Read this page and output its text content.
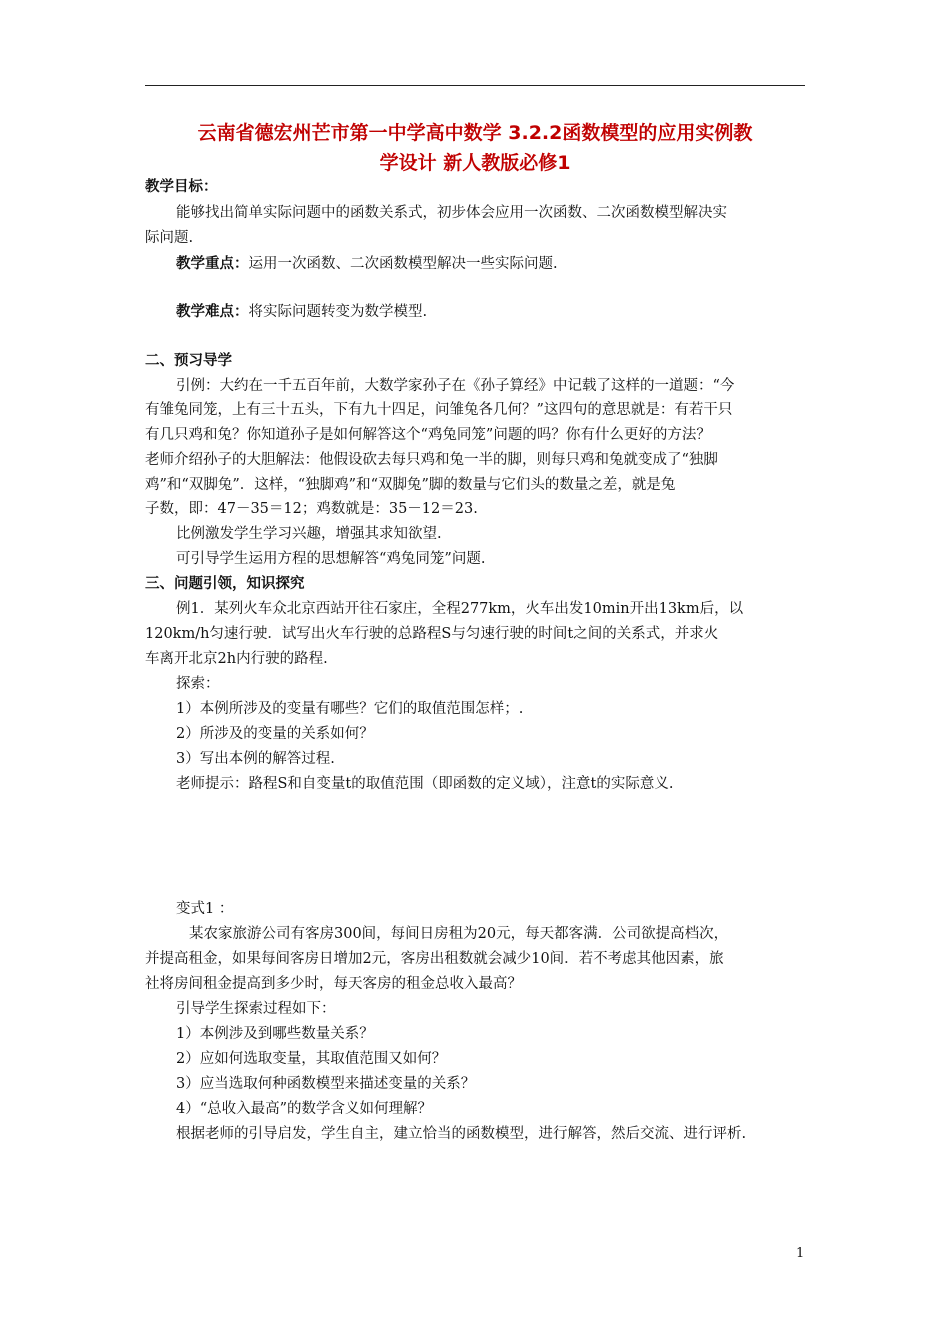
云南省德宏州芒市第一中学高中数学 3.2.2函数模型的应用实例教
学设计 新人教版必修1
教学目标：
能够找出简单实际问题中的函数关系式，初步体会应用一次函数、二次函数模型解决实
际问题.
教学重点：运用一次函数、二次函数模型解决一些实际问题.
教学难点：将实际问题转变为数学模型.
二、预习导学
引例：大约在一千五百年前，大数学家孙子在《孙子算经》中记载了这样的一道题：“今
有雏兔同笼，上有三十五头，下有九十四足，问雏兔各几何？”这四句的意思就是：有若干只
有几只鸡和兔？你知道孙子是如何解答这个“鸡兔同笼”问题的吗？你有什么更好的方法？
老师介绍孙子的大胆解法：他假设砍去每只鸡和兔一半的脚，则每只鸡和兔就变成了“独脚
鸡”和“双脚兔”．这样，“独脚鸡”和“双脚兔”脚的数量与它们头的数量之差，就是兔
子数，即：47－35＝12；鸡数就是：35－12＝23.
比例激发学生学习兴趣，增强其求知欲望.
可引导学生运用方程的思想解答“鸡兔同笼”问题.
三、问题引领，知识探究
例1．某列火车众北京西站开往石家庄，全程277km，火车出发10min开出13km后，以
120km/h匀速行驶．试写出火车行驶的总路程S与匀速行驶的时间t之间的关系式，并求火
车离开北京2h内行驶的路程.
探索：
1）本例所涉及的变量有哪些？它们的取值范围怎样；.
2）所涉及的变量的关系如何？
3）写出本例的解答过程.
老师提示：路程S和自变量t的取值范围（即函数的定义域），注意t的实际意义.
变式1 ：
某农家旅游公司有客房300间，每间日房租为20元，每天都客满．公司欲提高档次，
并提高租金，如果每间客房日增加2元，客房出租数就会减少10间．若不考虑其他因素，旅
社将房间租金提高到多少时，每天客房的租金总收入最高？
引导学生探索过程如下：
1）本例涉及到哪些数量关系？
2）应如何选取变量，其取值范围又如何？
3）应当选取何种函数模型来描述变量的关系？
4）“总收入最高”的数学含义如何理解？
根据老师的引导启发，学生自主，建立恰当的函数模型，进行解答，然后交流、进行评析.
1
